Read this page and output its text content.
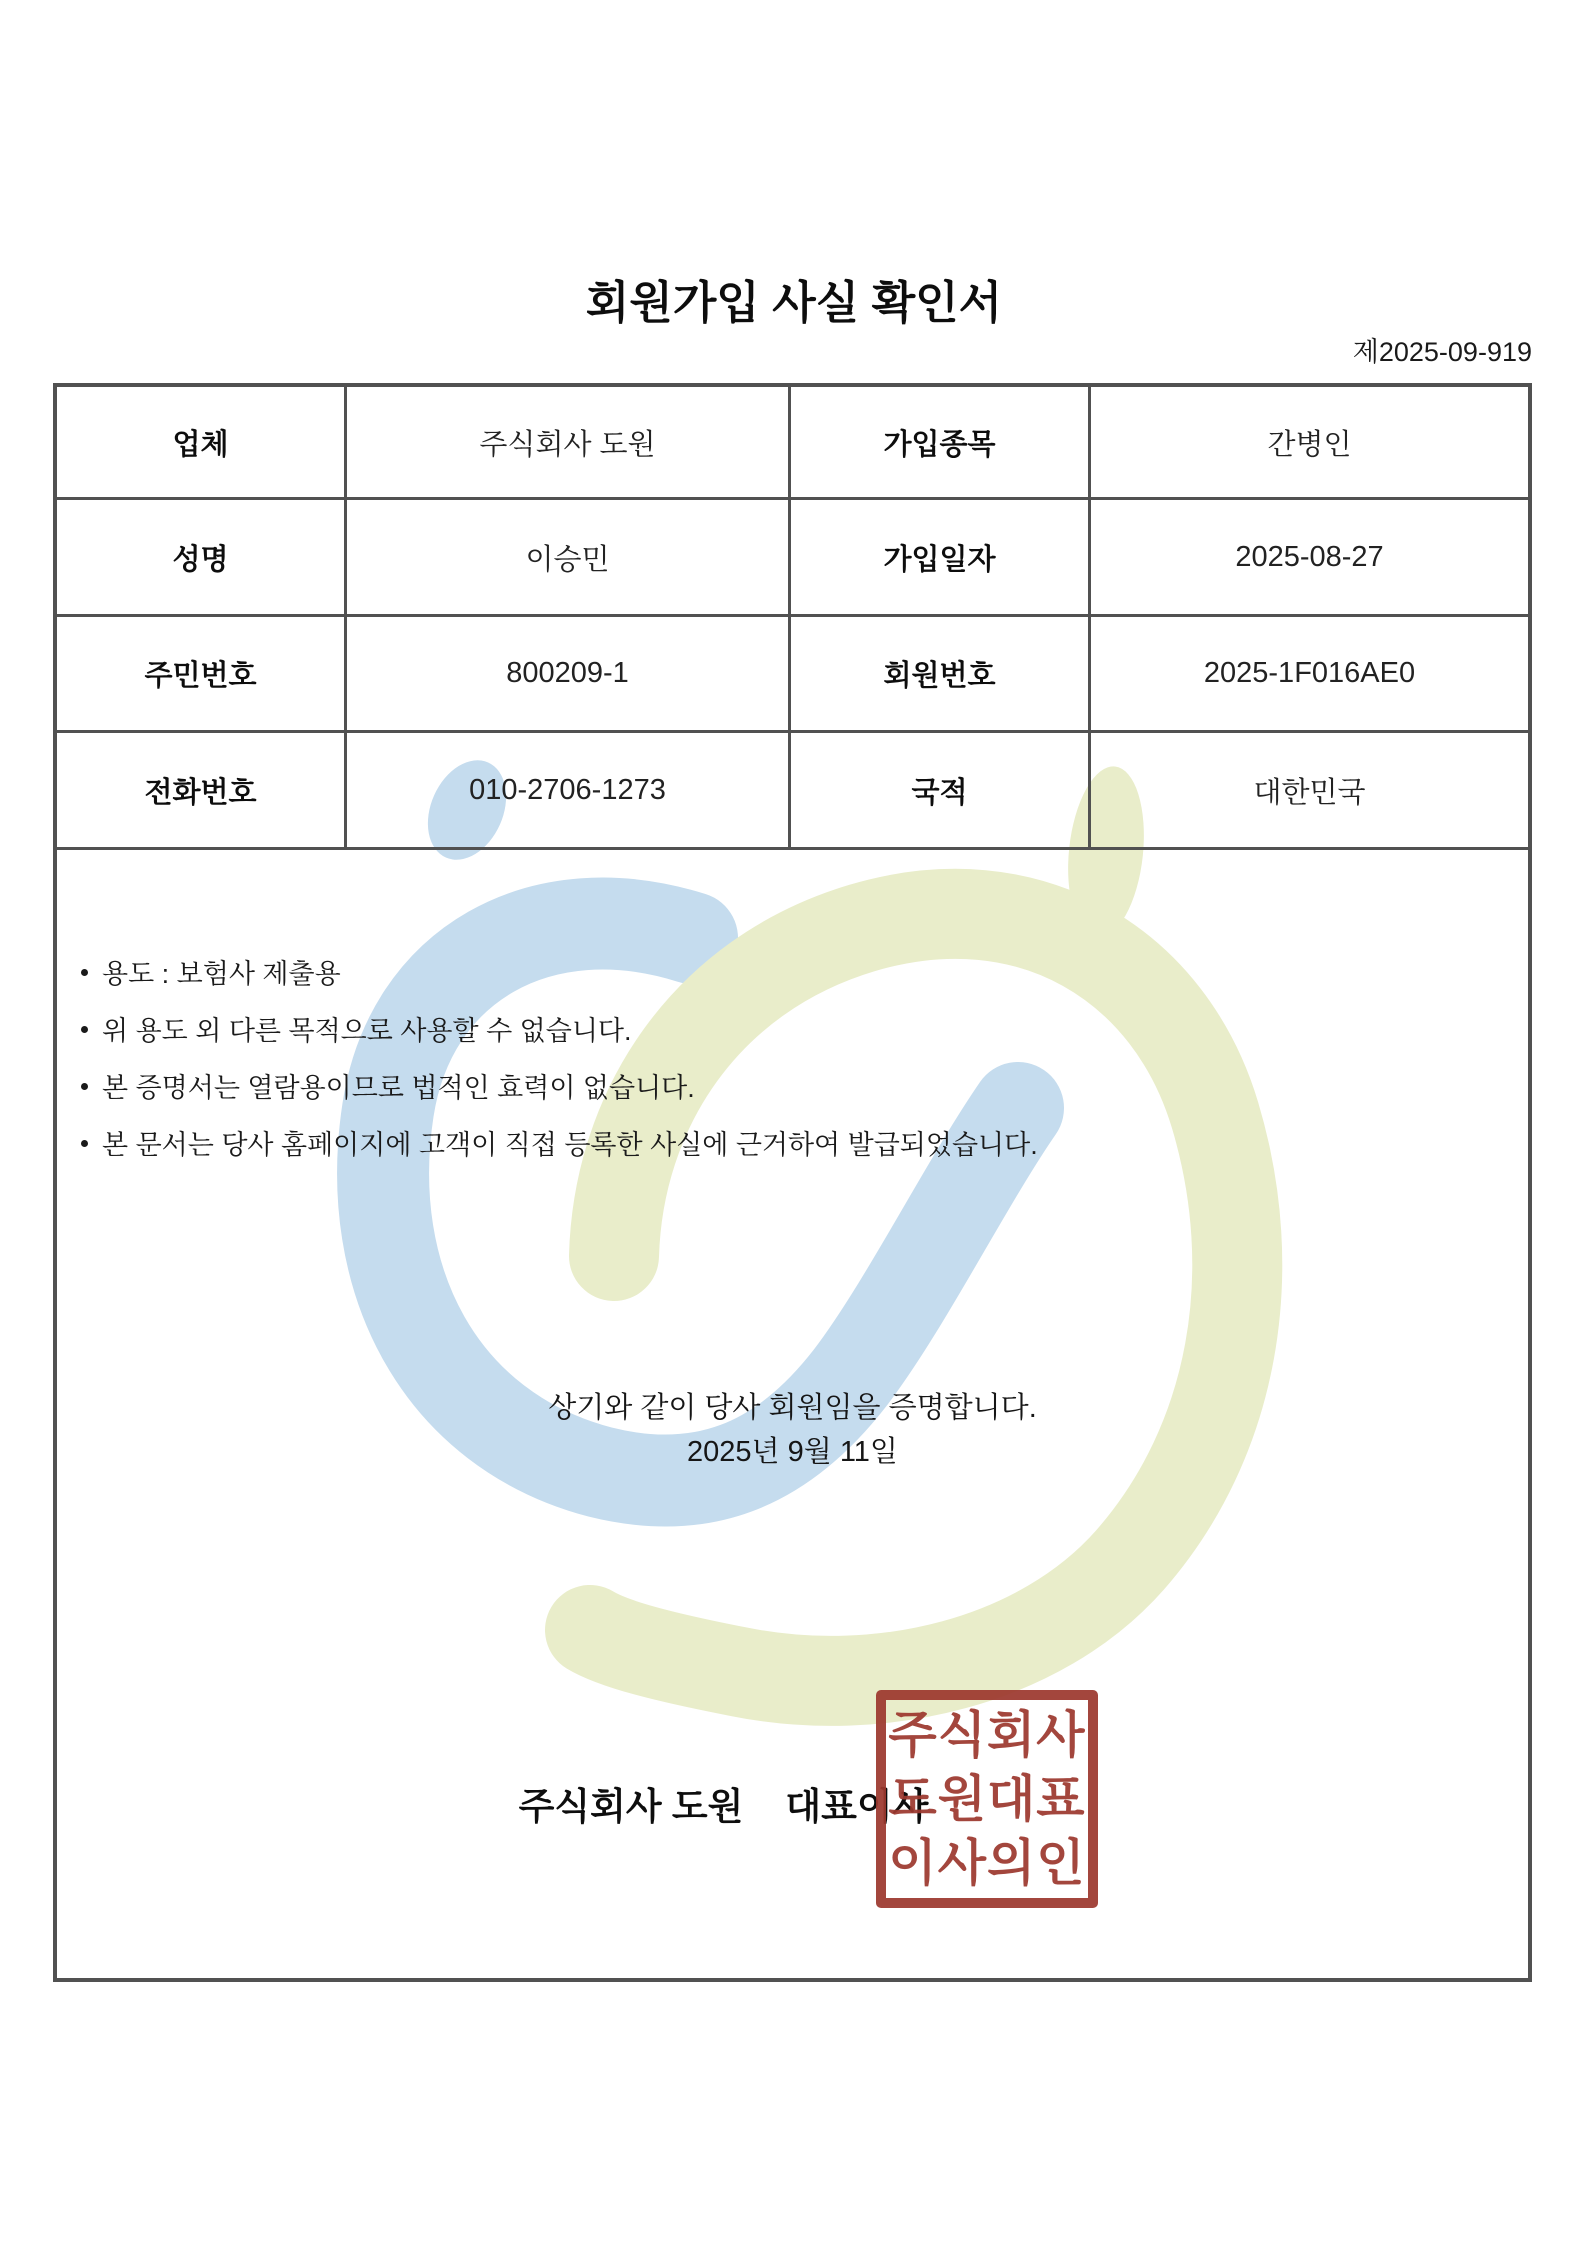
회원가입 사실 확인서
제2025-09-919
업체	주식회사 도원	가입종목	간병인
성명	이승민	가입일자	2025-08-27
주민번호	800209-1	회원번호	2025-1F016AE0
전화번호	010-2706-1273	국적	대한민국
용도 : 보험사 제출용
위 용도 외 다른 목적으로 사용할 수 없습니다.
본 증명서는 열람용이므로 법적인 효력이 없습니다.
본 문서는 당사 홈페이지에 고객이 직접 등록한 사실에 근거하여 발급되었습니다.
상기와 같이 당사 회원임을 증명합니다.
2025년 9월 11일
주식회사 도원 대표이사
주식회사
도원대표
이사의인
